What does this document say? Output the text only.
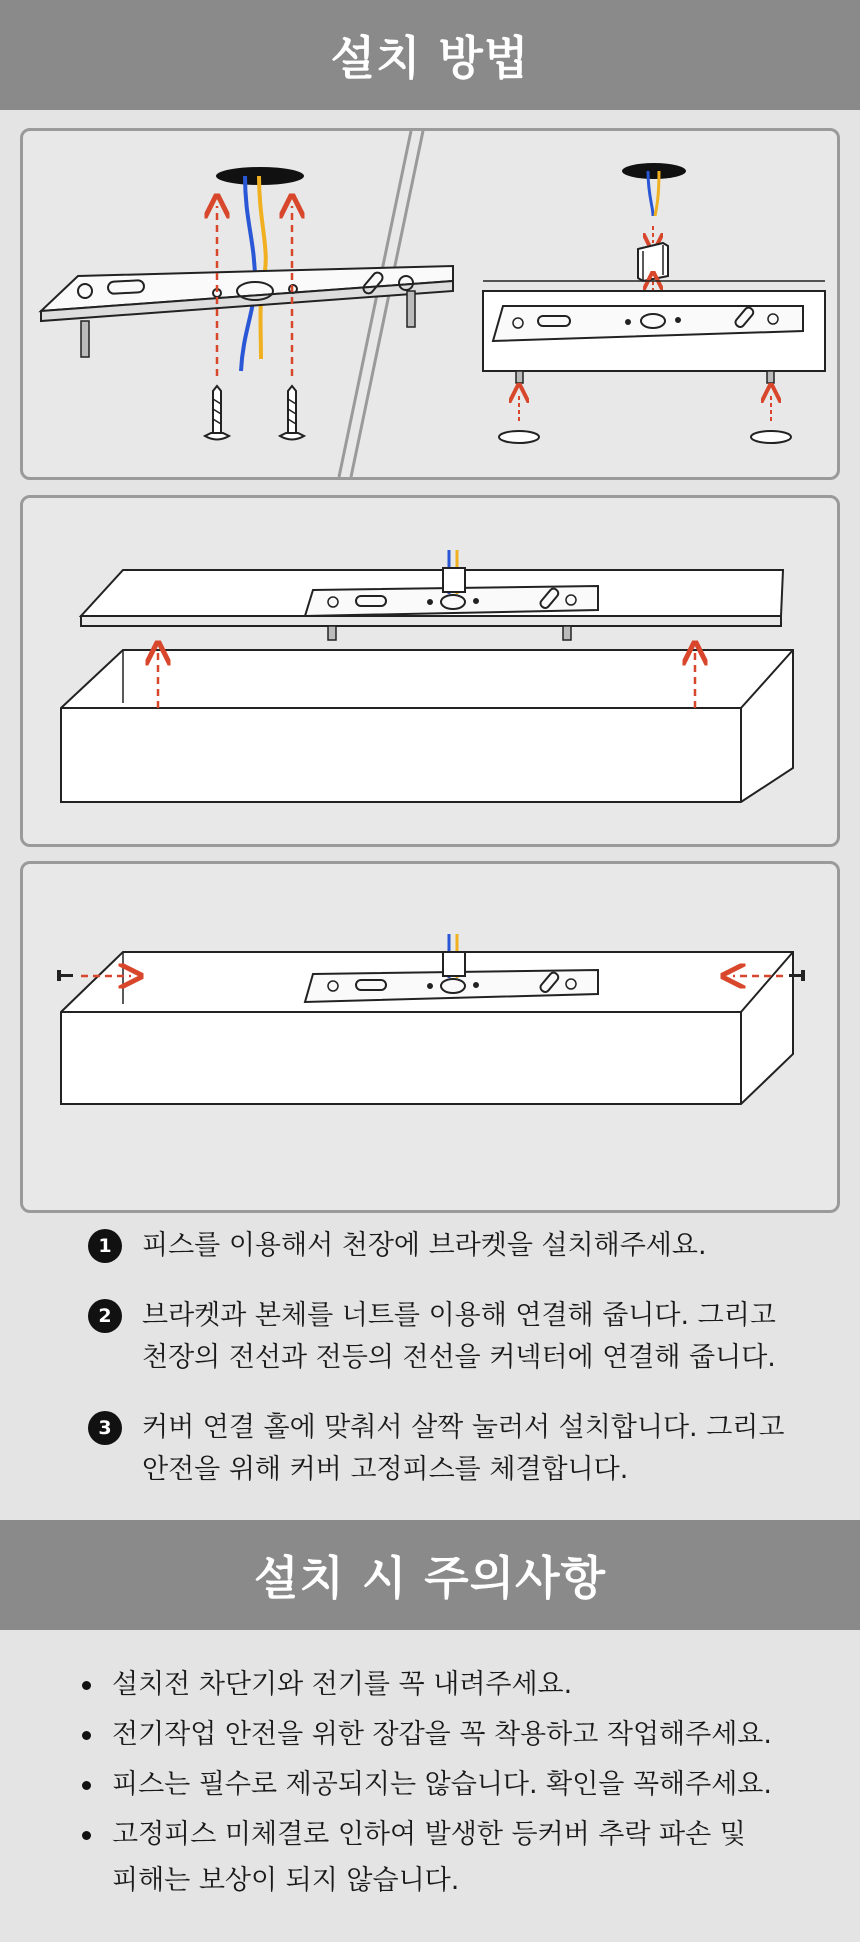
설치 방법
1	피스를 이용해서 천장에 브라켓을 설치해주세요.
2	브라켓과 본체를 너트를 이용해 연결해 줍니다. 그리고
천장의 전선과 전등의 전선을 커넥터에 연결해 줍니다.
3	커버 연결 홀에 맞춰서 살짝 눌러서 설치합니다. 그리고
안전을 위해 커버 고정피스를 체결합니다.
설치 시 주의사항
설치전 차단기와 전기를 꼭 내려주세요.
전기작업 안전을 위한 장갑을 꼭 착용하고 작업해주세요.
피스는 필수로 제공되지는 않습니다. 확인을 꼭해주세요.
고정피스 미체결로 인하여 발생한 등커버 추락 파손 및
피해는 보상이 되지 않습니다.
